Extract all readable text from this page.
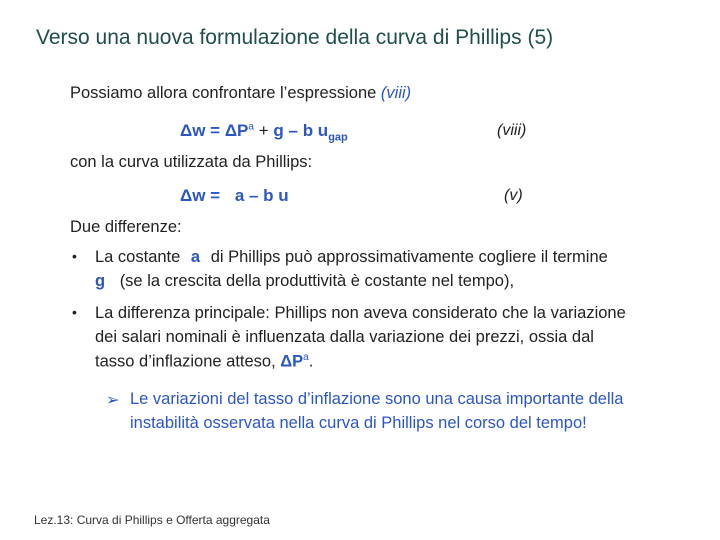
Verso una nuova formulazione della curva di Phillips (5)
Possiamo allora confrontare l’espressione (viii)
$\Delta w = \Delta P^a + g - b$ $u_{gap}$	(viii)
con la curva utilizzata da Phillips:
Δw = a – b u	(v)
Due differenze:
• La costante a di Phillips può approssimativamente cogliere il termine
g (se la crescita della produttività è costante nel tempo),
• La differenza principale: Phillips non aveva considerato che la variazione
dei salari nominali è influenzata dalla variazione dei prezzi, ossia dal
tasso d’inflazione atteso, $\Delta P^a$.
➢ Le variazioni del tasso d’inflazione sono una causa importante della
instabilità osservata nella curva di Phillips nel corso del tempo!
Lez.13: Curva di Phillips e Offerta aggregata
